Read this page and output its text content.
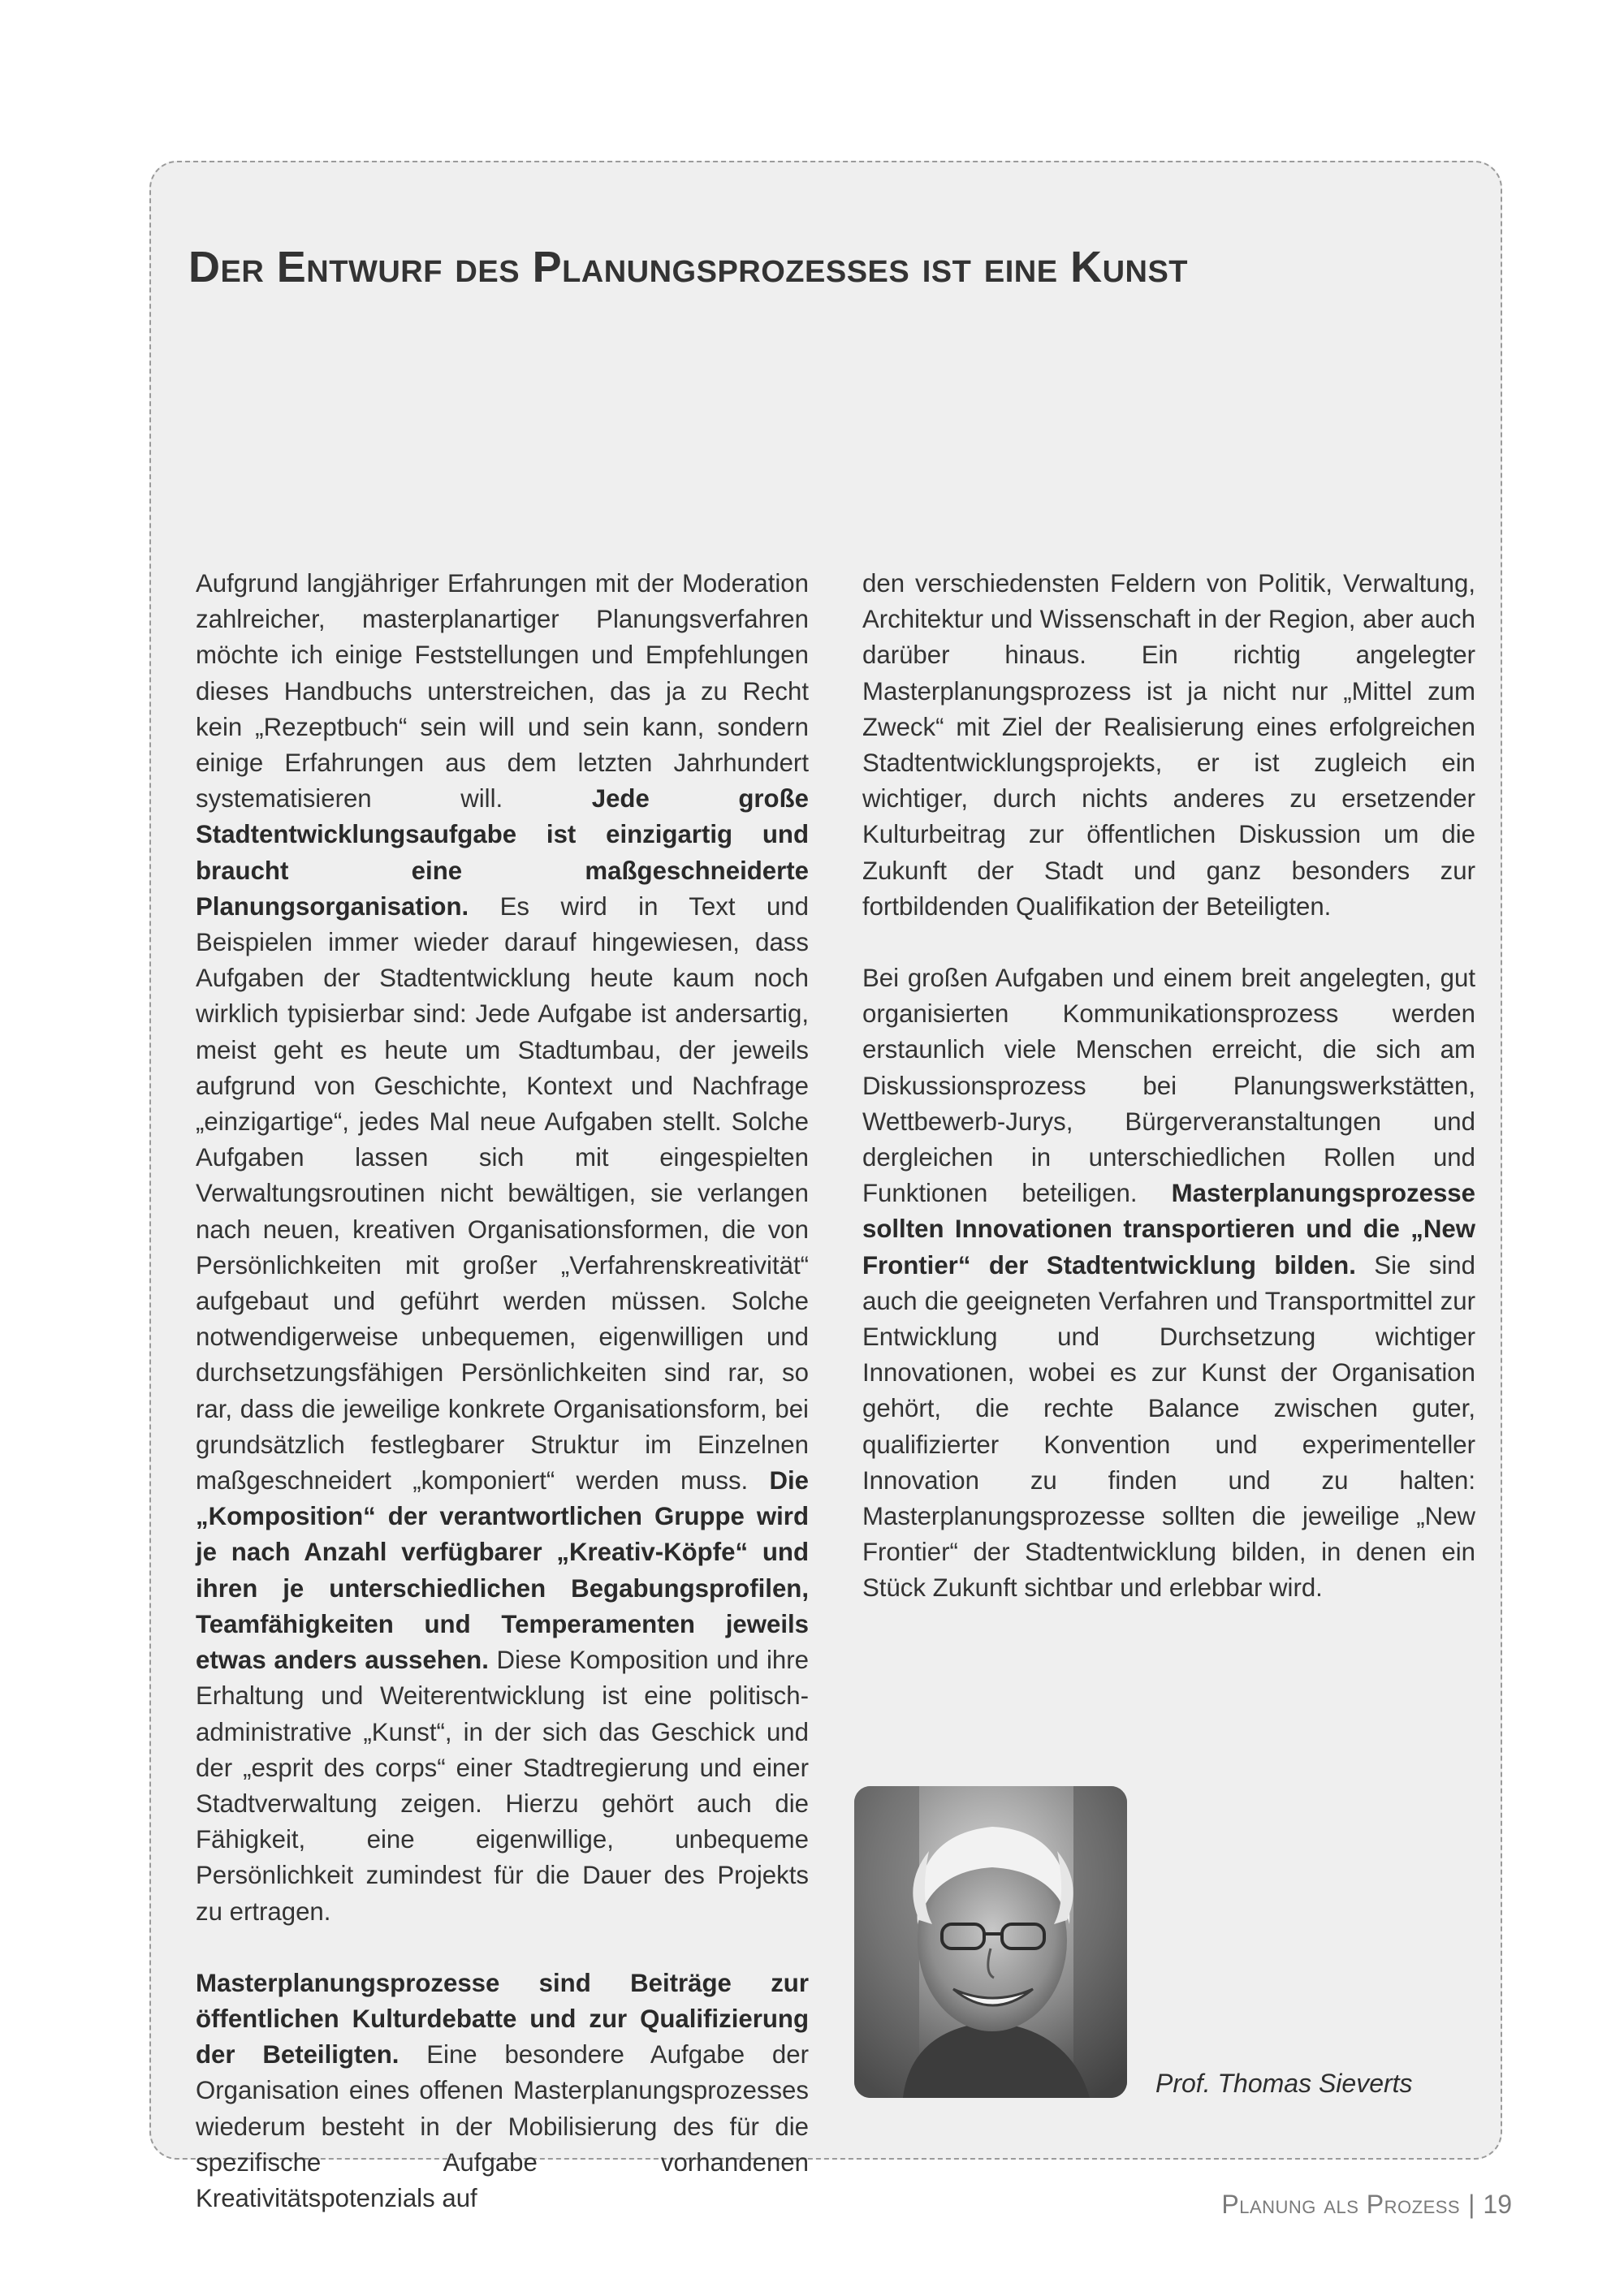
Der Entwurf des Planungsprozesses ist eine Kunst

Aufgrund langjähriger Erfahrungen mit der Moderation zahlreicher, masterplanartiger Planungsverfahren möchte ich einige Feststellungen und Empfehlungen dieses Handbuchs unterstreichen, das ja zu Recht kein „Rezeptbuch“ sein will und sein kann, sondern einige Erfahrungen aus dem letzten Jahrhundert systematisieren will. Jede große Stadtentwicklungsaufgabe ist einzigartig und braucht eine maßgeschneiderte Planungsorganisation. Es wird in Text und Beispielen immer wieder darauf hingewiesen, dass Aufgaben der Stadtentwicklung heute kaum noch wirklich typisierbar sind: Jede Aufgabe ist andersartig, meist geht es heute um Stadtumbau, der jeweils aufgrund von Geschichte, Kontext und Nachfrage „einzigartige“, jedes Mal neue Aufgaben stellt. Solche Aufgaben lassen sich mit eingespielten Verwaltungsroutinen nicht bewältigen, sie verlangen nach neuen, kreativen Organisationsformen, die von Persönlichkeiten mit großer „Verfahrenskreativität“ aufgebaut und geführt werden müssen. Solche notwendigerweise unbequemen, eigenwilligen und durchsetzungsfähigen Persönlichkeiten sind rar, so rar, dass die jeweilige konkrete Organisationsform, bei grundsätzlich festlegbarer Struktur im Einzelnen maßgeschneidert „komponiert“ werden muss. Die „Komposition“ der verantwortlichen Gruppe wird je nach Anzahl verfügbarer „Kreativ-Köpfe“ und ihren je unterschiedlichen Begabungsprofilen, Teamfähigkeiten und Temperamenten jeweils etwas anders aussehen. Diese Komposition und ihre Erhaltung und Weiterentwicklung ist eine politisch-administrative „Kunst“, in der sich das Geschick und der „esprit des corps“ einer Stadtregierung und einer Stadtverwaltung zeigen. Hierzu gehört auch die Fähigkeit, eine eigenwillige, unbequeme Persönlichkeit zumindest für die Dauer des Projekts zu ertragen.

Masterplanungsprozesse sind Beiträge zur öffentlichen Kulturdebatte und zur Qualifizierung der Beteiligten. Eine besondere Aufgabe der Organisation eines offenen Masterplanungsprozesses wiederum besteht in der Mobilisierung des für die spezifische Aufgabe vorhandenen Kreativitätspotenzials auf

den verschiedensten Feldern von Politik, Verwaltung, Architektur und Wissenschaft in der Region, aber auch darüber hinaus. Ein richtig angelegter Masterplanungsprozess ist ja nicht nur „Mittel zum Zweck“ mit Ziel der Realisierung eines erfolgreichen Stadtentwicklungsprojekts, er ist zugleich ein wichtiger, durch nichts anderes zu ersetzender Kulturbeitrag zur öffentlichen Diskussion um die Zukunft der Stadt und ganz besonders zur fortbildenden Qualifikation der Beteiligten.

Bei großen Aufgaben und einem breit angelegten, gut organisierten Kommunikationsprozess werden erstaunlich viele Menschen erreicht, die sich am Diskussionsprozess bei Planungswerkstätten, Wettbewerb-Jurys, Bürgerveranstaltungen und dergleichen in unterschiedlichen Rollen und Funktionen beteiligen. Masterplanungsprozesse sollten Innovationen transportieren und die „New Frontier“ der Stadtentwicklung bilden. Sie sind auch die geeigneten Verfahren und Transportmittel zur Entwicklung und Durchsetzung wichtiger Innovationen, wobei es zur Kunst der Organisation gehört, die rechte Balance zwischen guter, qualifizierter Konvention und experimenteller Innovation zu finden und zu halten: Masterplanungsprozesse sollten die jeweilige „New Frontier“ der Stadtentwicklung bilden, in denen ein Stück Zukunft sichtbar und erlebbar wird.

Prof. Thomas Sieverts

Planung als Prozess | 19
